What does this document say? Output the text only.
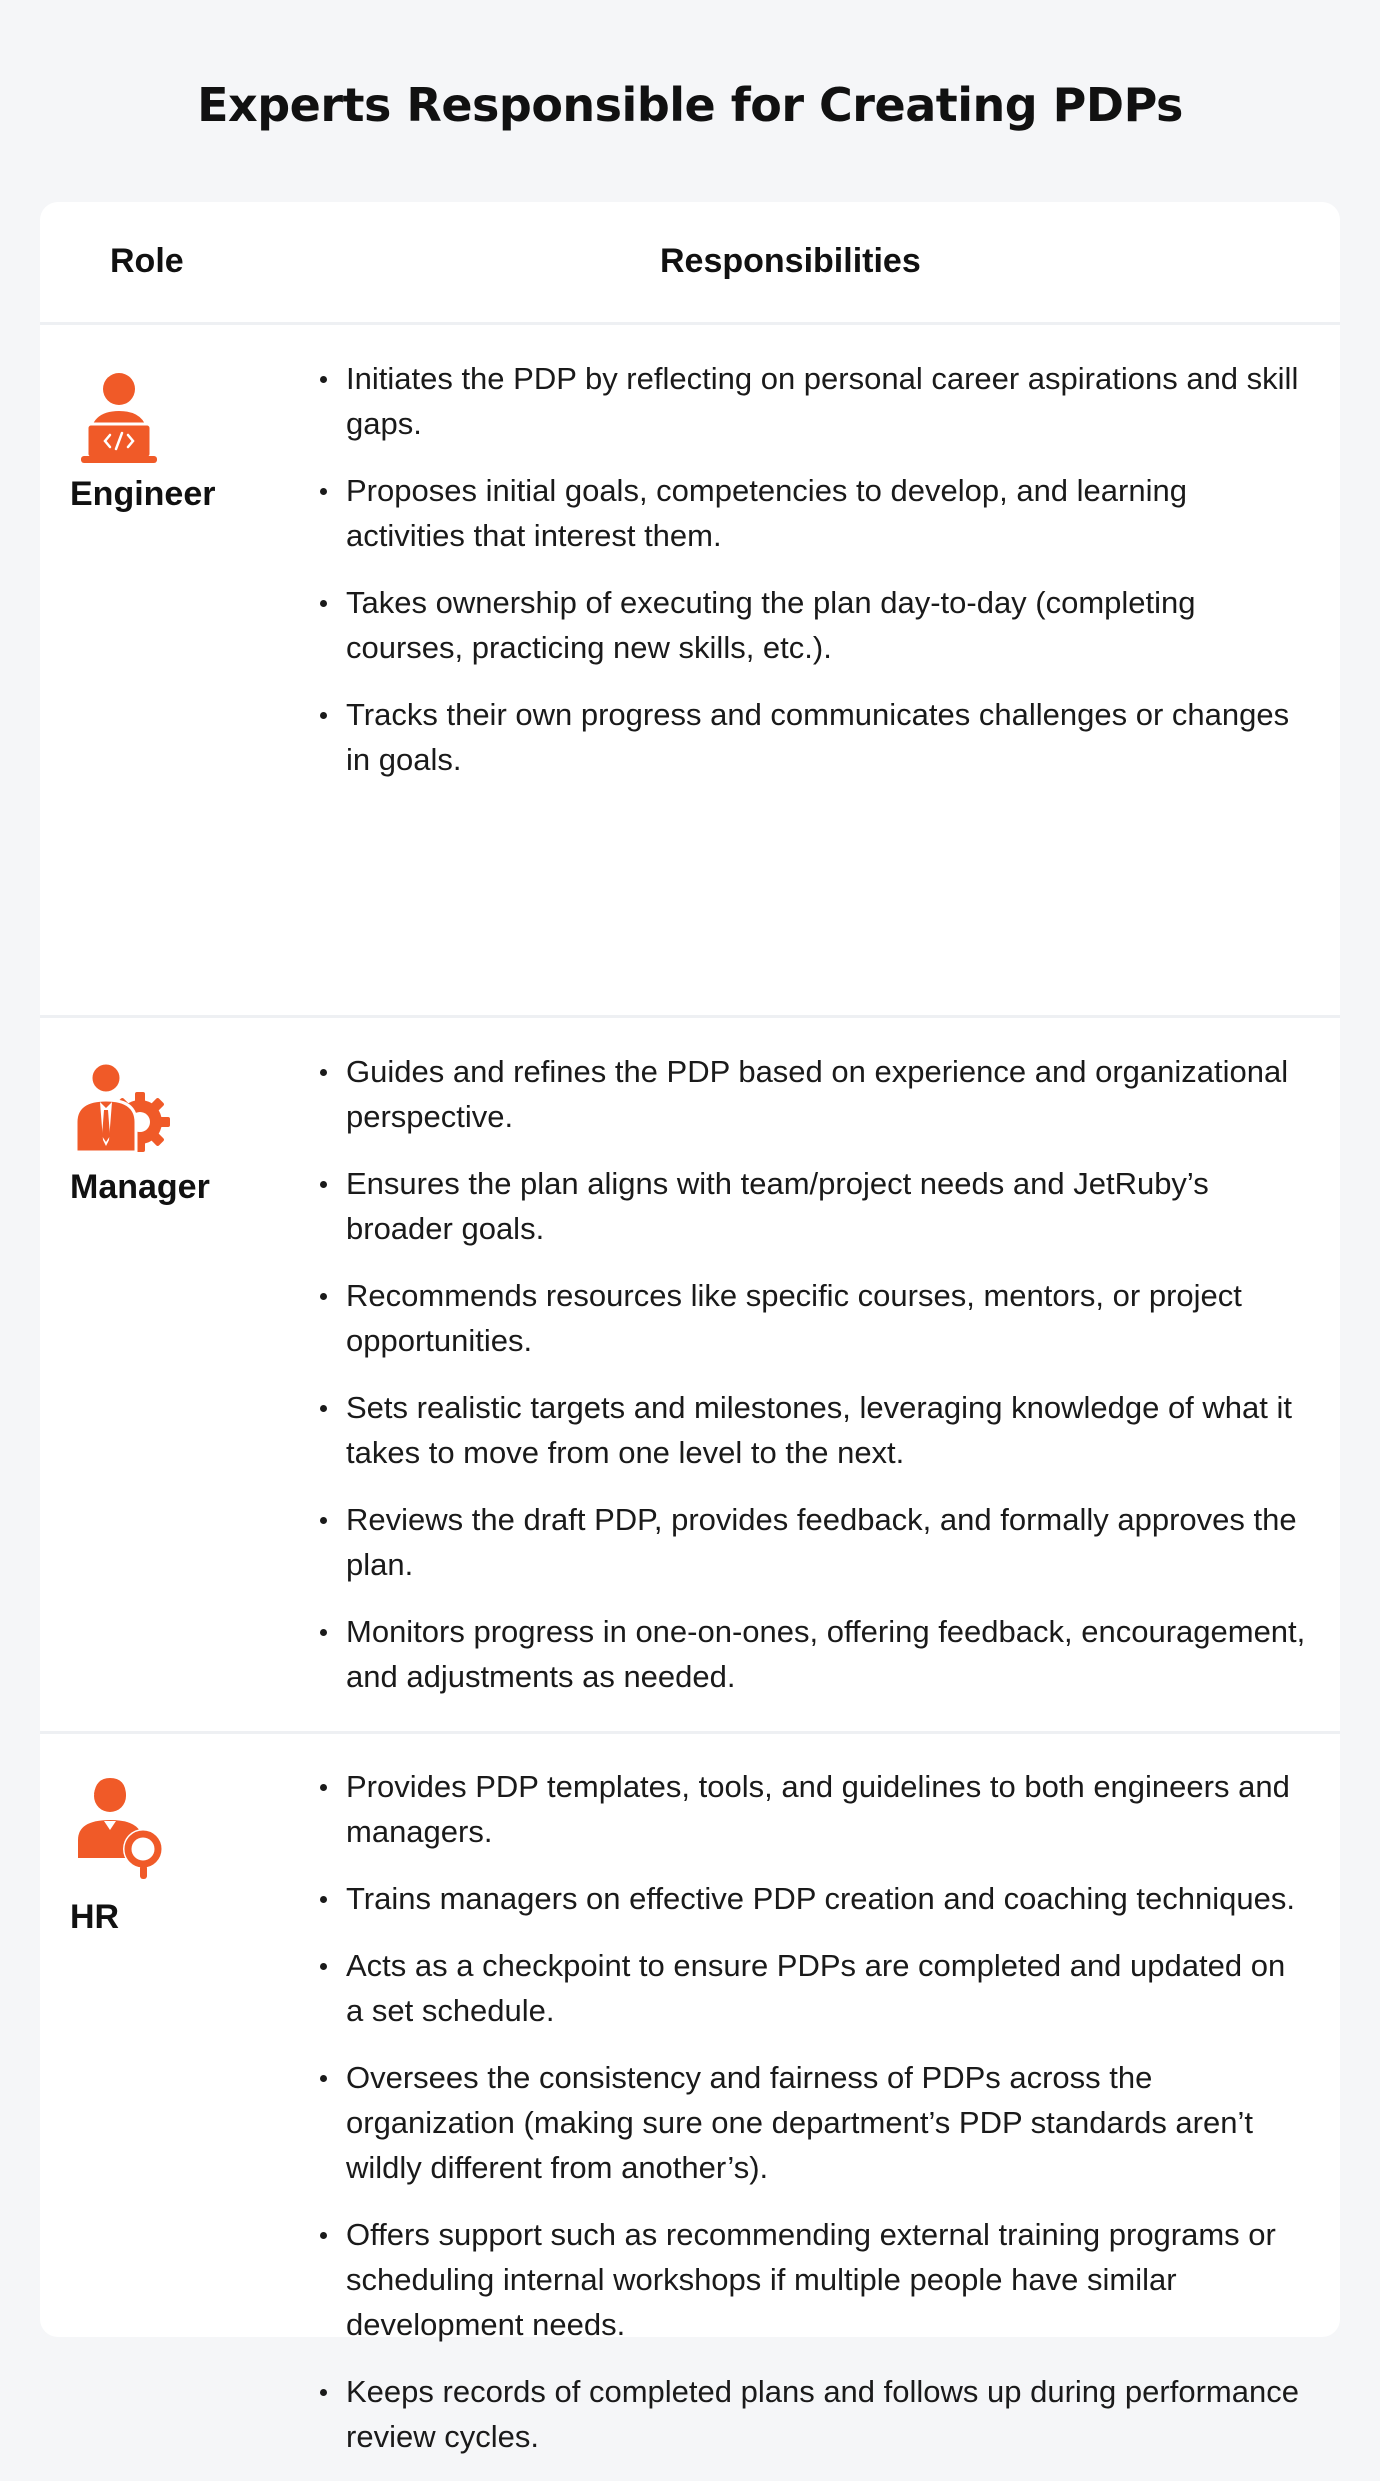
Experts Responsible for Creating PDPs
Role	Responsibilities
Engineer
Initiates the PDP by reflecting on personal career aspirations and skill gaps.
Proposes initial goals, competencies to develop, and learning activities that interest them.
Takes ownership of executing the plan day-to-day (completing courses, practicing new skills, etc.).
Tracks their own progress and communicates challenges or changes in goals.
Manager
Guides and refines the PDP based on experience and organizational perspective.
Ensures the plan aligns with team/project needs and JetRuby’s broader goals.
Recommends resources like specific courses, mentors, or project opportunities.
Sets realistic targets and milestones, leveraging knowledge of what it takes to move from one level to the next.
Reviews the draft PDP, provides feedback, and formally approves the plan.
Monitors progress in one-on-ones, offering feedback, encouragement, and adjustments as needed.
HR
Provides PDP templates, tools, and guidelines to both engineers and managers.
Trains managers on effective PDP creation and coaching techniques.
Acts as a checkpoint to ensure PDPs are completed and updated on a set schedule.
Oversees the consistency and fairness of PDPs across the organization (making sure one department’s PDP standards aren’t wildly different from another’s).
Offers support such as recommending external training programs or scheduling internal workshops if multiple people have similar development needs.
Keeps records of completed plans and follows up during performance review cycles.
